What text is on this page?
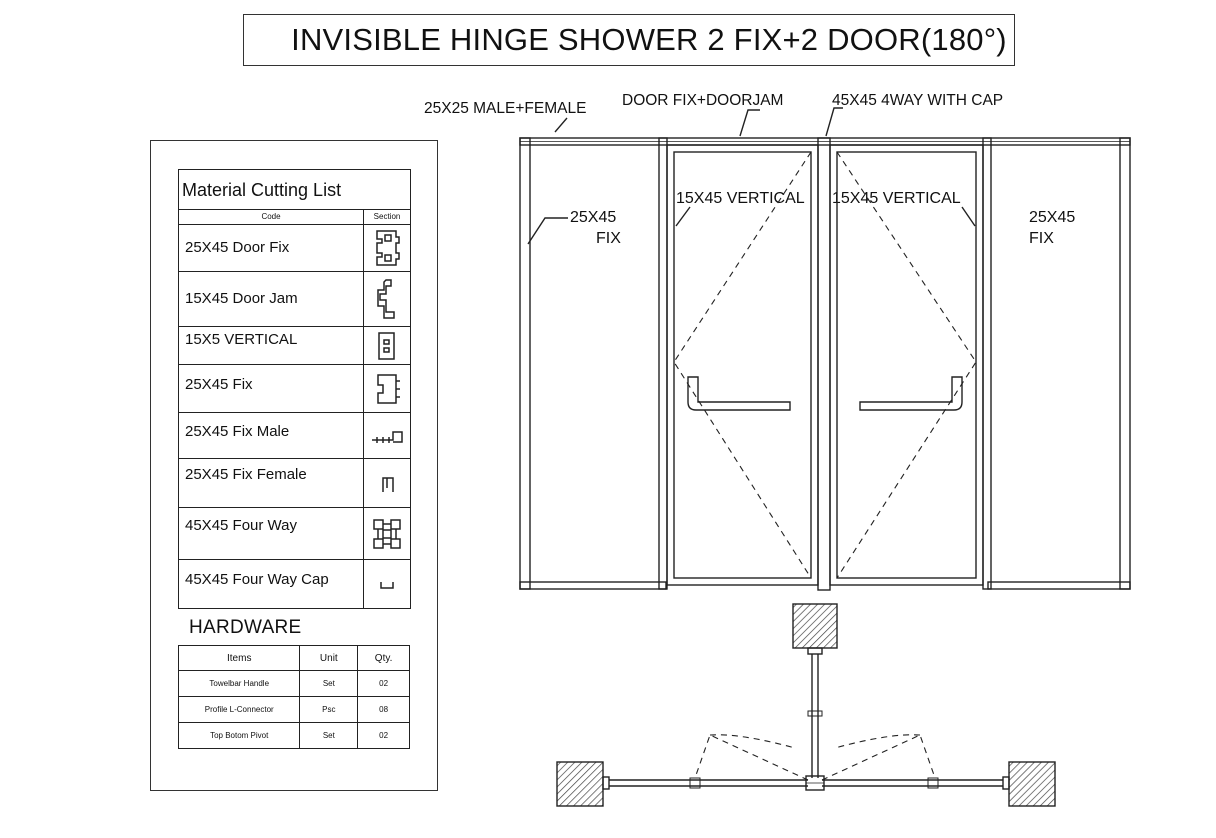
INVISIBLE HINGE SHOWER 2 FIX+2 DOOR(180°)
25X25 MALE+FEMALE DOOR FIX+DOORJAM	45X45 4WAY WITH CAP
25X45
FIX
15X45 VERTICAL 15X45 VERTICAL
25X45
FIX
Material Cutting List
Code	Section
25X45 Door Fix
15X45 Door Jam
15X5 VERTICAL
25X45 Fix
25X45 Fix Male
25X45 Fix Female
45X45 Four Way
45X45 Four Way Cap
HARDWARE
Items	Unit	Qty.
Towelbar Handle	Set	02
Profile L-Connector	Psc	08
Top Botom Pivot	Set	02
